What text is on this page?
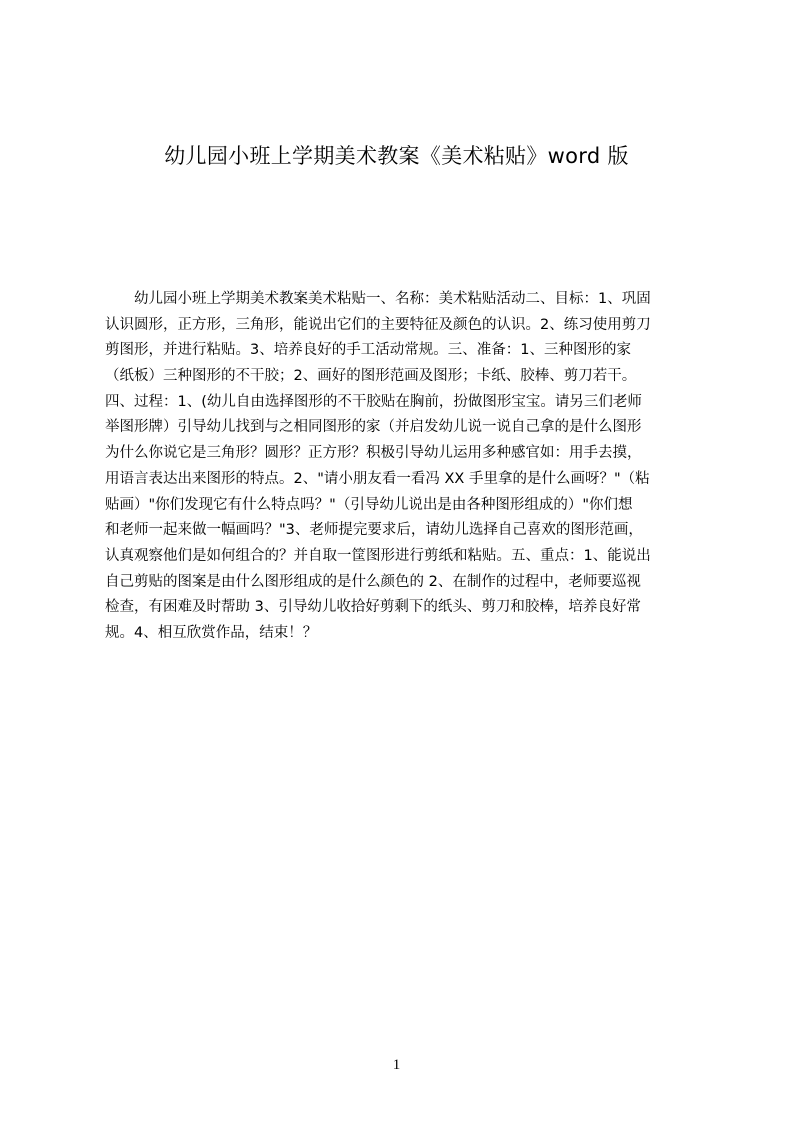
幼儿园小班上学期美术教案《美术粘贴》word 版

　　幼儿园小班上学期美术教案美术粘贴一、名称：美术粘贴活动二、目标：1、巩固

认识圆形，正方形，三角形，能说出它们的主要特征及颜色的认识。2、练习使用剪刀

剪图形，并进行粘贴。3、培养良好的手工活动常规。三、准备：1、三种图形的家

（纸板）三种图形的不干胶；2、画好的图形范画及图形；卡纸、胶棒、剪刀若干。

四、过程：1、(幼儿自由选择图形的不干胶贴在胸前，扮做图形宝宝。请另三们老师

举图形牌）引导幼儿找到与之相同图形的家（并启发幼儿说一说自己拿的是什么图形

为什么你说它是三角形？圆形？正方形？积极引导幼儿运用多种感官如：用手去摸，

用语言表达出来图形的特点。2、"请小朋友看一看冯 XX 手里拿的是什么画呀？"（粘

贴画）"你们发现它有什么特点吗？"（引导幼儿说出是由各种图形组成的）"你们想

和老师一起来做一幅画吗？"3、老师提完要求后，请幼儿选择自己喜欢的图形范画，

认真观察他们是如何组合的？并自取一筐图形进行剪纸和粘贴。五、重点：1、能说出

自己剪贴的图案是由什么图形组成的是什么颜色的 2、在制作的过程中，老师要巡视

检查，有困难及时帮助 3、引导幼儿收拾好剪剩下的纸头、剪刀和胶棒，培养良好常

规。4、相互欣赏作品，结束！？

1
